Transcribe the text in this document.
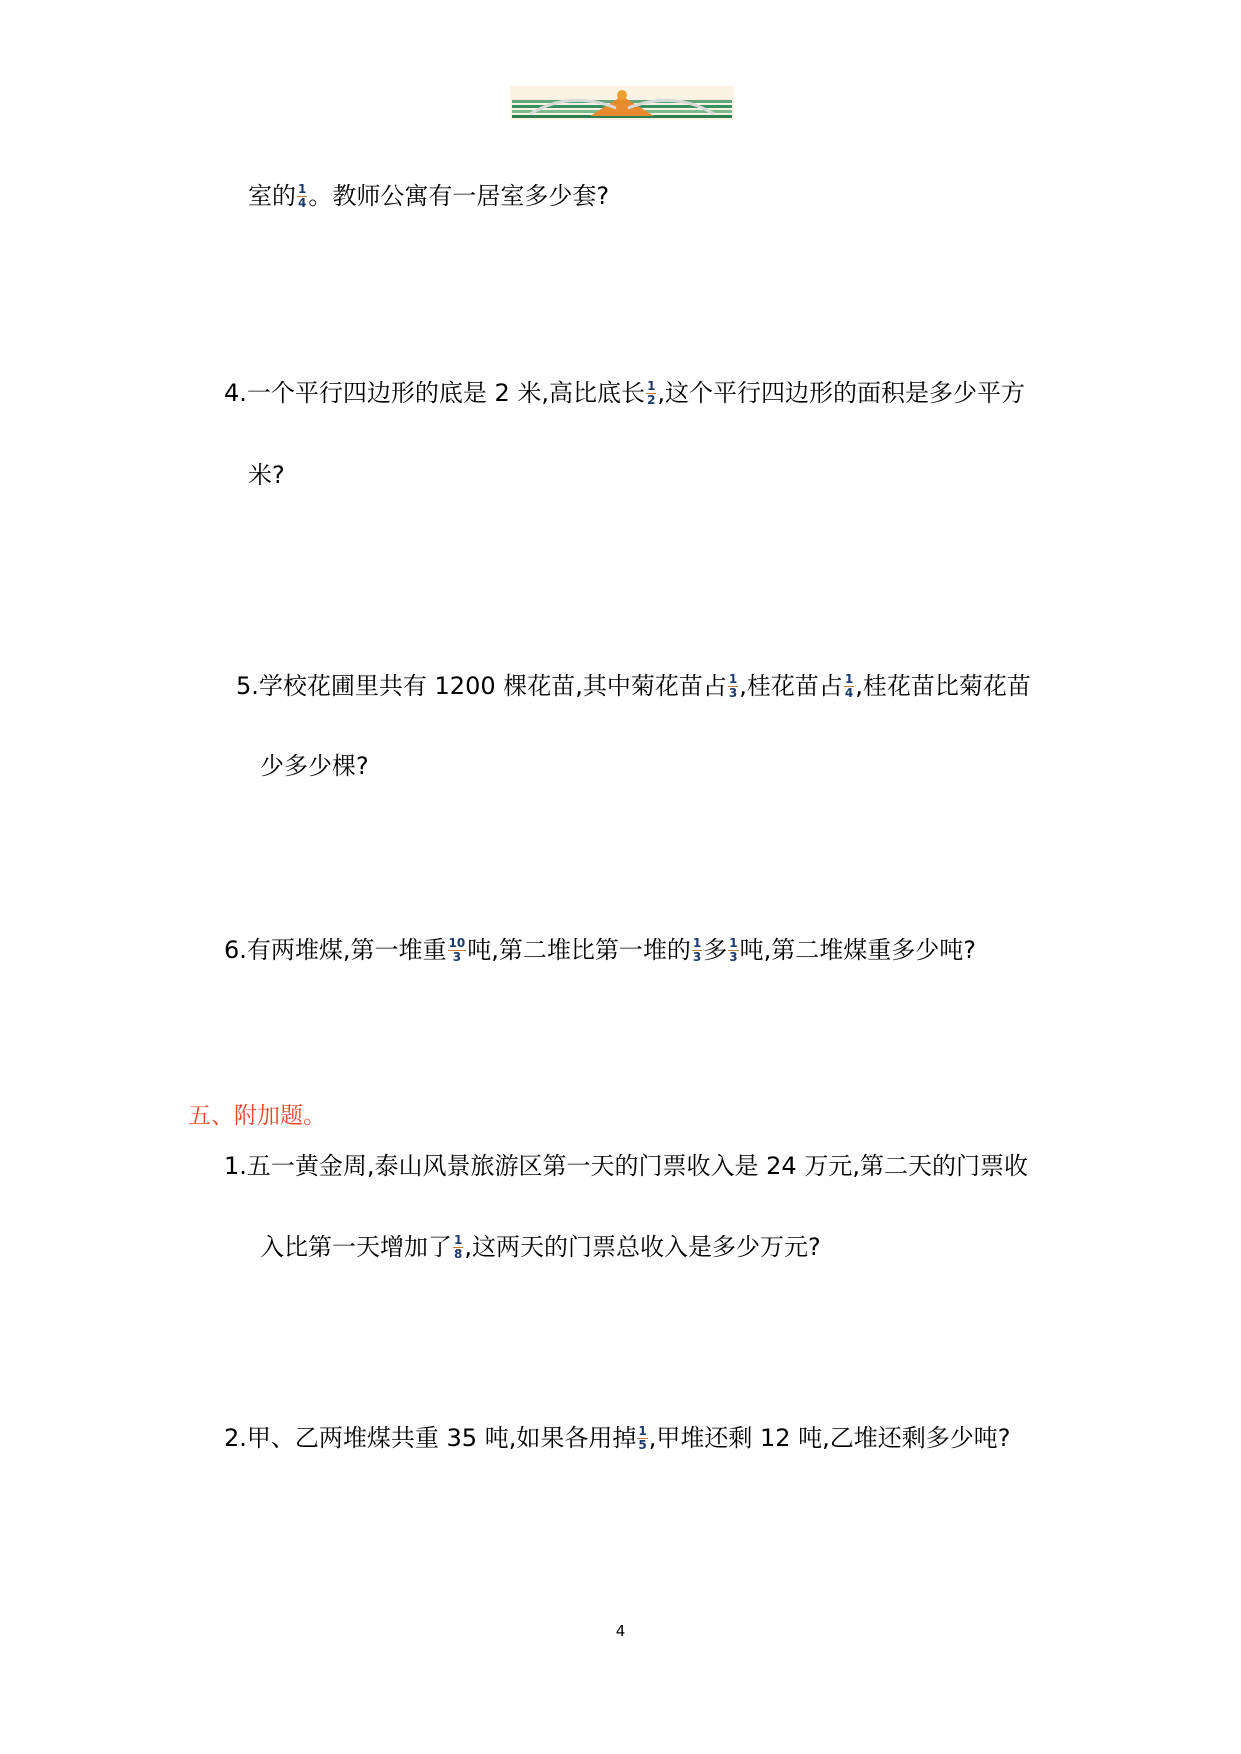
室的 $\frac{1}{4}$ 。教师公寓有一居室多少套?
4.一个平行四边形的底是 2 米,高比底长 $\frac{1}{2}$ ,这个平行四边形的面积是多少平方
米?
5.学校花圃里共有 1200 棵花苗,其中菊花苗占 $\frac{1}{3}$ ,桂花苗占 $\frac{1}{4}$ ,桂花苗比菊花苗
少多少棵?
6.有两堆煤,第一堆重 $\frac{10}{3}$ 吨,第二堆比第一堆的 $\frac{1}{3}$ 多 $\frac{1}{3}$ 吨,第二堆煤重多少吨?
五、附加题。
1.五一黄金周,泰山风景旅游区第一天的门票收入是 24 万元,第二天的门票收
入比第一天增加了 $\frac{1}{8}$ ,这两天的门票总收入是多少万元?
2.甲、乙两堆煤共重 35 吨,如果各用掉 $\frac{1}{5}$ ,甲堆还剩 12 吨,乙堆还剩多少吨?
4
